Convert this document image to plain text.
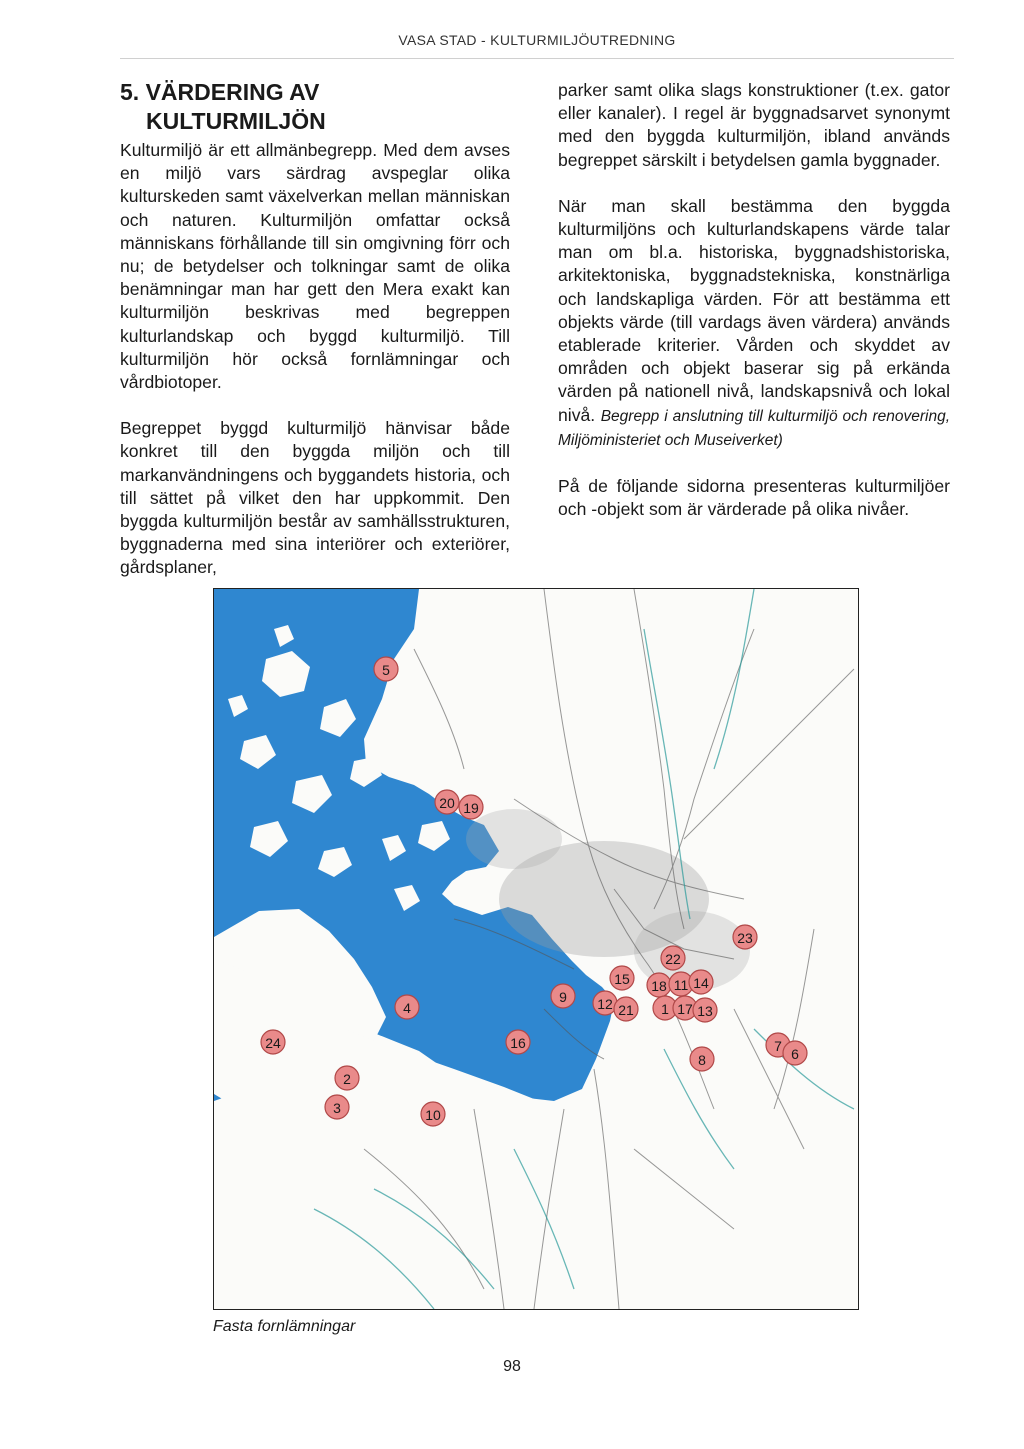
VASA STAD - KULTURMILJÖUTREDNING
5. VÄRDERING AV
KULTURMILJÖN

Kulturmiljö är ett allmänbegrepp. Med dem avses en miljö vars särdrag avspeglar olika kulturskeden samt växelverkan mellan människan och naturen. Kulturmiljön omfattar också människans förhållande till sin omgivning förr och nu; de betydelser och tolkningar samt de olika benämningar man har gett den Mera exakt kan kulturmiljön beskrivas med begreppen kulturlandskap och byggd kulturmiljö. Till kulturmiljön hör också fornlämningar och vårdbiotoper.

Begreppet byggd kulturmiljö hänvisar både konkret till den byggda miljön och till markanvändningens och byggandets historia, och till sättet på vilket den har uppkommit. Den byggda kulturmiljön består av samhällsstrukturen, byggnaderna med sina interiörer och exteriörer, gårdsplaner,

parker samt olika slags konstruktioner (t.ex. gator eller kanaler). I regel är byggnadsarvet synonymt med den byggda kulturmiljön, ibland används begreppet särskilt i betydelsen gamla byggnader.

När man skall bestämma den byggda kulturmiljöns och kulturlandskapens värde talar man om bl.a. historiska, byggnadshistoriska, arkitektoniska, byggnadstekniska, konstnärliga och landskapliga värden. För att bestämma ett objekts värde (till vardags även värdera) används etablerade kriterier. Vården och skyddet av områden och objekt baserar sig på erkända värden på nationell nivå, landskapsnivå och lokal nivå. Begrepp i anslutning till kulturmiljö och renovering, Miljöministeriet och Museiverket)

På de följande sidorna presenteras kulturmiljöer och -objekt som är värderade på olika nivåer.

5
20 19
23
22
15 18 11 14
9 12 21 1 17 13
4
24	16
8
7 6
10
2
3
Fasta fornlämningar
98
